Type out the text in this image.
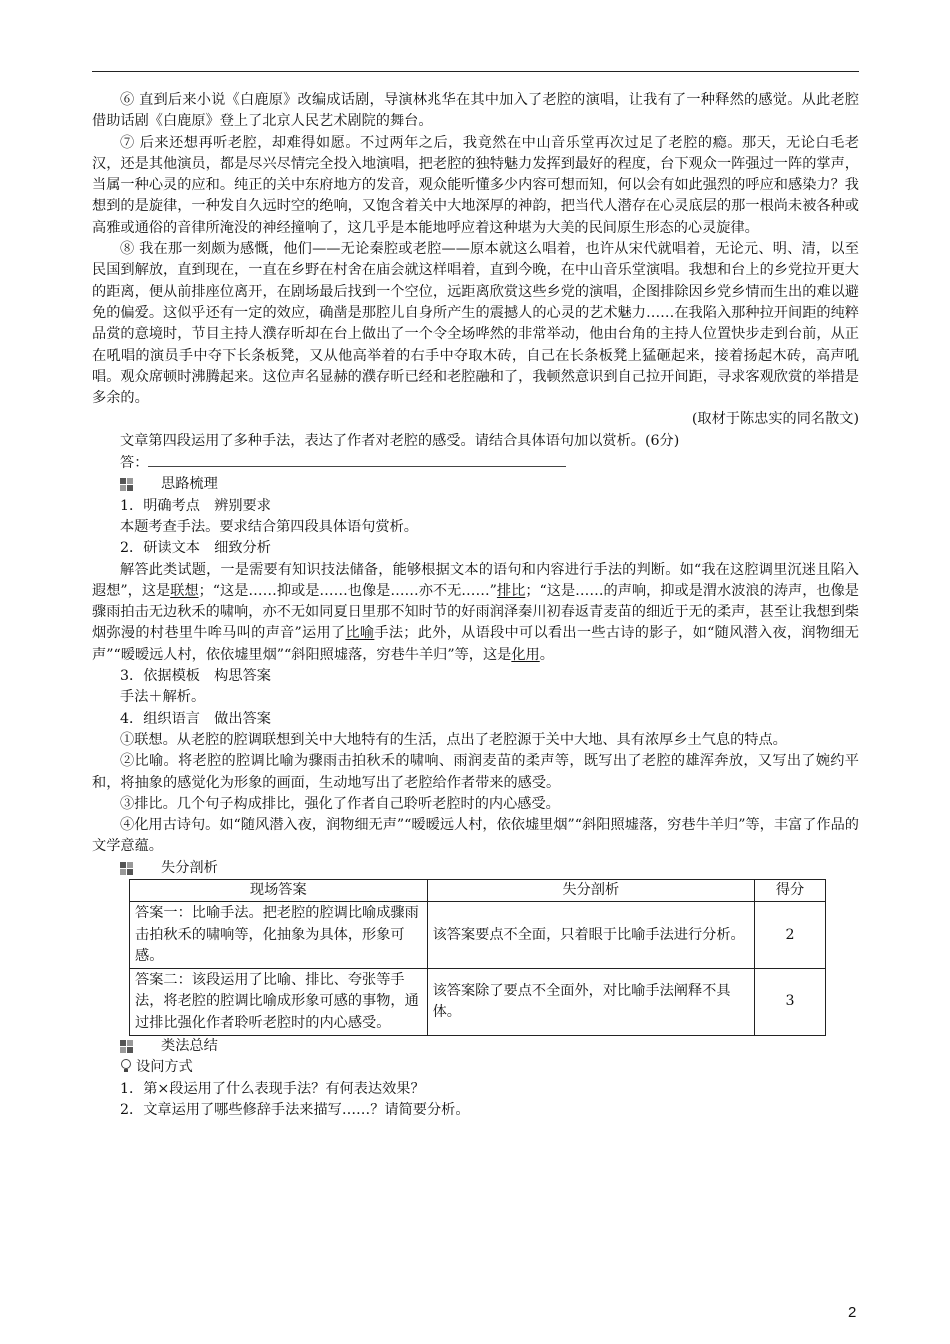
⑥ 直到后来小说《白鹿原》改编成话剧，导演林兆华在其中加入了老腔的演唱，让我有了一种释然的感觉。从此老腔借助话剧《白鹿原》登上了北京人民艺术剧院的舞台。

⑦ 后来还想再听老腔，却难得如愿。不过两年之后，我竟然在中山音乐堂再次过足了老腔的瘾。那天，无论白毛老汉，还是其他演员，都是尽兴尽情完全投入地演唱，把老腔的独特魅力发挥到最好的程度，台下观众一阵强过一阵的掌声，当属一种心灵的应和。纯正的关中东府地方的发音，观众能听懂多少内容可想而知，何以会有如此强烈的呼应和感染力？我想到的是旋律，一种发自久远时空的绝响，又饱含着关中大地深厚的神韵，把当代人潜存在心灵底层的那一根尚未被各种或高雅或通俗的音律所淹没的神经撞响了，这几乎是本能地呼应着这种堪为大美的民间原生形态的心灵旋律。

⑧ 我在那一刻颇为感慨，他们——无论秦腔或老腔——原本就这么唱着，也许从宋代就唱着，无论元、明、清，以至民国到解放，直到现在，一直在乡野在村舍在庙会就这样唱着，直到今晚，在中山音乐堂演唱。我想和台上的乡党拉开更大的距离，便从前排座位离开，在剧场最后找到一个空位，远距离欣赏这些乡党的演唱，企图排除因乡党乡情而生出的难以避免的偏爱。这似乎还有一定的效应，确凿是那腔儿自身所产生的震撼人的心灵的艺术魅力……在我陷入那种拉开间距的纯粹品赏的意境时，节目主持人濮存昕却在台上做出了一个令全场哗然的非常举动，他由台角的主持人位置快步走到台前，从正在吼唱的演员手中夺下长条板凳，又从他高举着的右手中夺取木砖，自己在长条板凳上猛砸起来，接着扬起木砖，高声吼唱。观众席顿时沸腾起来。这位声名显赫的濮存昕已经和老腔融和了，我顿然意识到自己拉开间距，寻求客观欣赏的举措是多余的。

(取材于陈忠实的同名散文)

文章第四段运用了多种手法，表达了作者对老腔的感受。请结合具体语句加以赏析。(6分)

答：

思路梳理

1．明确考点　辨别要求

本题考查手法。要求结合第四段具体语句赏析。

2．研读文本　细致分析

解答此类试题，一是需要有知识技法储备，能够根据文本的语句和内容进行手法的判断。如“我在这腔调里沉迷且陷入遐想”，这是联想；“这是……抑或是……也像是……亦不无……”排比；“这是……的声响，抑或是渭水波浪的涛声，也像是骤雨拍击无边秋禾的啸响，亦不无如同夏日里那不知时节的好雨润泽秦川初春返青麦苗的细近于无的柔声，甚至让我想到柴烟弥漫的村巷里牛哞马叫的声音”运用了比喻手法；此外，从语段中可以看出一些古诗的影子，如“随风潜入夜，润物细无声”“暧暧远人村，依依墟里烟”“斜阳照墟落，穷巷牛羊归”等，这是化用。

3．依据模板　构思答案

手法＋解析。

4．组织语言　做出答案

①联想。从老腔的腔调联想到关中大地特有的生活，点出了老腔源于关中大地、具有浓厚乡土气息的特点。

②比喻。将老腔的腔调比喻为骤雨击拍秋禾的啸响、雨润麦苗的柔声等，既写出了老腔的雄浑奔放，又写出了婉约平和，将抽象的感觉化为形象的画面，生动地写出了老腔给作者带来的感受。

③排比。几个句子构成排比，强化了作者自己聆听老腔时的内心感受。

④化用古诗句。如“随风潜入夜，润物细无声”“暧暧远人村，依依墟里烟”“斜阳照墟落，穷巷牛羊归”等，丰富了作品的文学意蕴。

失分剖析
现场答案	失分剖析	得分
答案一：比喻手法。把老腔的腔调比喻成骤雨击拍秋禾的啸响等，化抽象为具体，形象可感。	该答案要点不全面，只着眼于比喻手法进行分析。	2
答案二：该段运用了比喻、排比、夸张等手法，将老腔的腔调比喻成形象可感的事物，通过排比强化作者聆听老腔时的内心感受。	该答案除了要点不全面外，对比喻手法阐释不具体。	3
类法总结

设问方式

1．第×段运用了什么表现手法？有何表达效果？

2．文章运用了哪些修辞手法来描写……？请简要分析。

2
